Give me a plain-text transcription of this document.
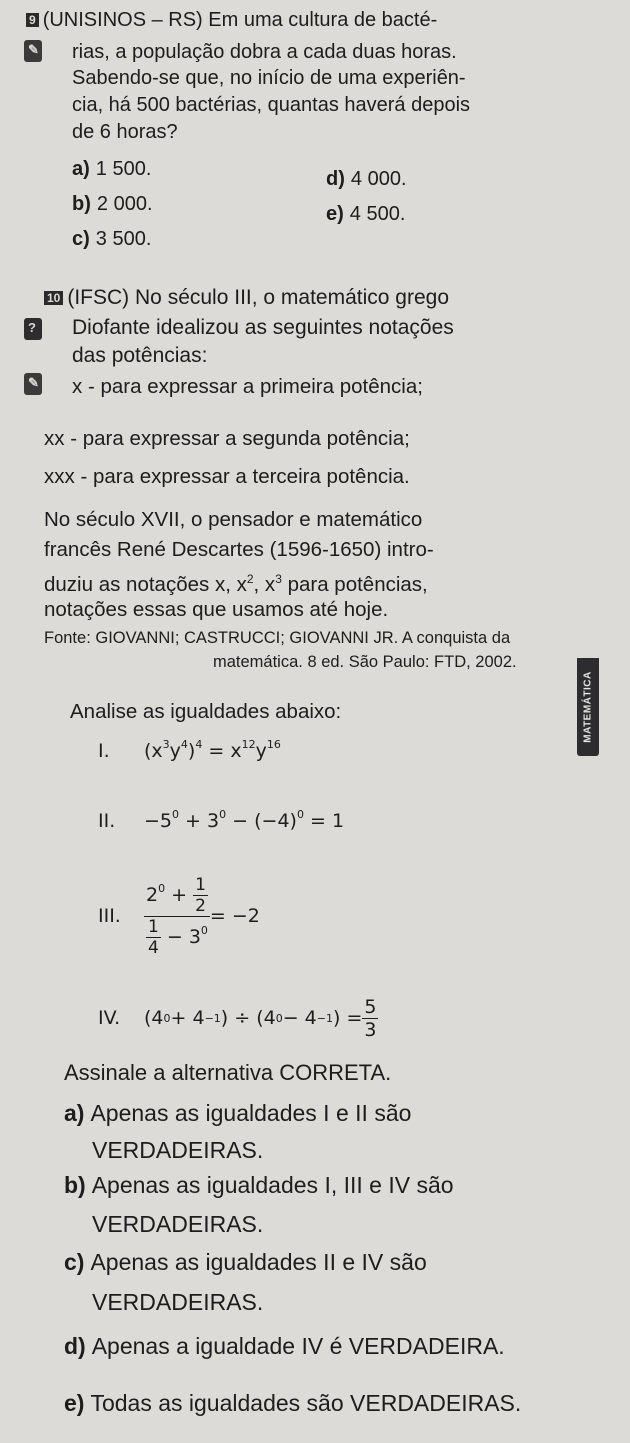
9 (UNISINOS – RS) Em uma cultura de bacté-
✎ rias, a população dobra a cada duas horas.
Sabendo-se que, no início de uma experiên-
cia, há 500 bactérias, quantas haverá depois
de 6 horas?
a) 1 500.	d) 4 000.
b) 2 000.	e) 4 500.
c) 3 500.
10 (IFSC) No século III, o matemático grego
? Diofante idealizou as seguintes notações
das potências:
✎ x - para expressar a primeira potência;
xx - para expressar a segunda potência;
xxx - para expressar a terceira potência.
No século XVII, o pensador e matemático
francês René Descartes (1596-1650) intro-
duziu as notações x, $x^2$, $x^3$ para potências,
notações essas que usamos até hoje.
Fonte: GIOVANNI; CASTRUCCI; GIOVANNI JR. A conquista da
matemática. 8 ed. São Paulo: FTD, 2002.
MATEMÁTICA
Analise as igualdades abaixo:
I. $(x^3y^4)^4 = x^{12}y^{16}$
II. $-5^0 + 3^0 - (-4)^0 = 1$
III.	$\frac{2^0 + \frac{1}{2}}{\frac{1}{4} - 3^0} = -2$
IV.	(4 0 + 4 −1 ) ÷ (4 0 − 4 −1 ) = $\frac{5}{3}$
Assinale a alternativa CORRETA.
a) Apenas as igualdades I e II são
VERDADEIRAS.
b) Apenas as igualdades I, III e IV são
VERDADEIRAS.
c) Apenas as igualdades II e IV são
VERDADEIRAS.
d) Apenas a igualdade IV é VERDADEIRA.
e) Todas as igualdades são VERDADEIRAS.
